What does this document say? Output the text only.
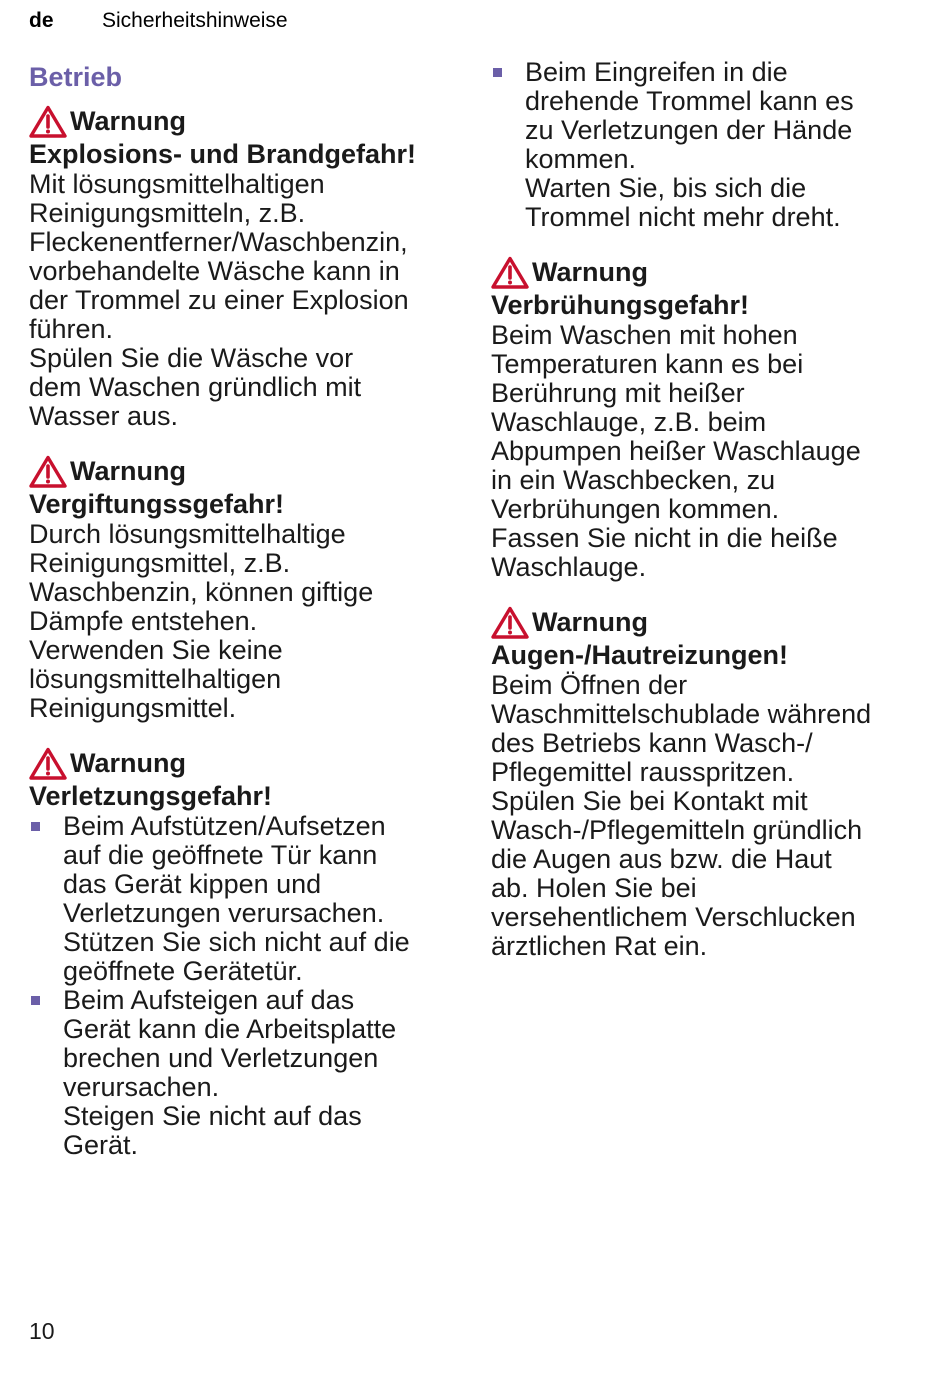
de Sicherheitshinweise
Betrieb
Warnung
Explosions- und Brandgefahr!
Mit lösungsmittelhaltigen
Reinigungsmitteln, z.B.
Fleckenentferner/Waschbenzin,
vorbehandelte Wäsche kann in
der Trommel zu einer Explosion
führen.
Spülen Sie die Wäsche vor
dem Waschen gründlich mit
Wasser aus.
Warnung
Vergiftungssgefahr!
Durch lösungsmittelhaltige
Reinigungsmittel, z.B.
Waschbenzin, können giftige
Dämpfe entstehen.
Verwenden Sie keine
lösungsmittelhaltigen
Reinigungsmittel.
Warnung
Verletzungsgefahr!
Beim Aufstützen/Aufsetzen
auf die geöffnete Tür kann
das Gerät kippen und
Verletzungen verursachen.
Stützen Sie sich nicht auf die
geöffnete Gerätetür.
Beim Aufsteigen auf das
Gerät kann die Arbeitsplatte
brechen und Verletzungen
verursachen.
Steigen Sie nicht auf das
Gerät.
Beim Eingreifen in die
drehende Trommel kann es
zu Verletzungen der Hände
kommen.
Warten Sie, bis sich die
Trommel nicht mehr dreht.
Warnung
Verbrühungsgefahr!
Beim Waschen mit hohen
Temperaturen kann es bei
Berührung mit heißer
Waschlauge, z.B. beim
Abpumpen heißer Waschlauge
in ein Waschbecken, zu
Verbrühungen kommen.
Fassen Sie nicht in die heiße
Waschlauge.
Warnung
Augen-/Hautreizungen!
Beim Öffnen der
Waschmittelschublade während
des Betriebs kann Wasch-/
Pflegemittel rausspritzen.
Spülen Sie bei Kontakt mit
Wasch-/Pflegemitteln gründlich
die Augen aus bzw. die Haut
ab. Holen Sie bei
versehentlichem Verschlucken
ärztlichen Rat ein.
10
